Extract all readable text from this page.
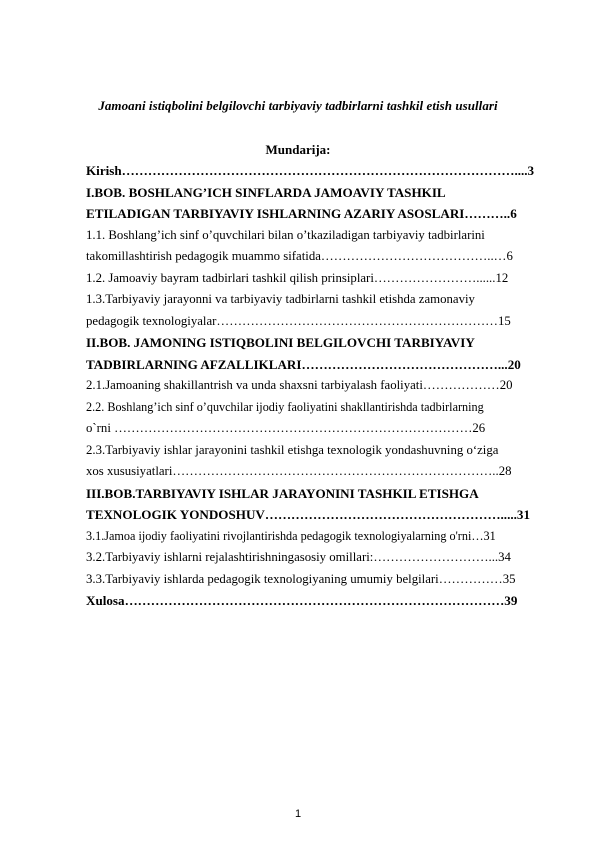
Jamoani istiqbolini belgilovchi tarbiyaviy tadbirlarni tashkil etish usullari
Mundarija:
Kirish………………………………………………………………………………....3
I.BOB. BOSHLANG’ICH SINFLARDA JAMOAVIY TASHKIL
ETILADIGAN TARBIYAVIY ISHLARNING AZARIY ASOSLARI………..6
1.1. Boshlang’ich sinf o’quvchilari bilan o’tkaziladigan tarbiyaviy tadbirlarini
takomillashtirish pedagogik muammo sifatida…………………………………..…6
1.2. Jamoaviy bayram tadbirlari tashkil qilish prinsiplari……………………......12
1.3.Tarbiyaviy jarayonni va tarbiyaviy tadbirlarni tashkil etishda zamonaviy
pedagogik texnologiyalar…………………………………………………………15
II.BOB. JAMONING ISTIQBOLINI BELGILOVCHI TARBIYAVIY
TADBIRLARNING AFZALLIKLARI………………………………………...20
2.1.Jamoaning shakillantrish va unda shaxsni tarbiyalash faoliyati………………20
2.2. Boshlang’ich sinf o’quvchilar ijodiy faoliyatini shakllantirishda tadbirlarning
o`rni …………………………………………………………………………26
2.3.Tarbiyaviy ishlar jarayonini tashkil etishga texnologik yondashuvning o‘ziga
xos xususiyatlari…………………………………………………………………..28
III.BOB.TARBIYAVIY ISHLAR JARAYONINI TASHKIL ETISHGA
TEXNOLOGIK YONDOSHUV……………………………………………….....31
3.1.Jamoa ijodiy faoliyatini rivojlantirishda pedagogik texnologiyalarning o'rni…31
3.2.Tarbiyaviy ishlarni rejalashtirishningasosiy omillari:………………………...34
3.3.Tarbiyaviy ishlarda pedagogik texnologiyaning umumiy belgilari……………35
Xulosa……………………………………………………………………………39
1
